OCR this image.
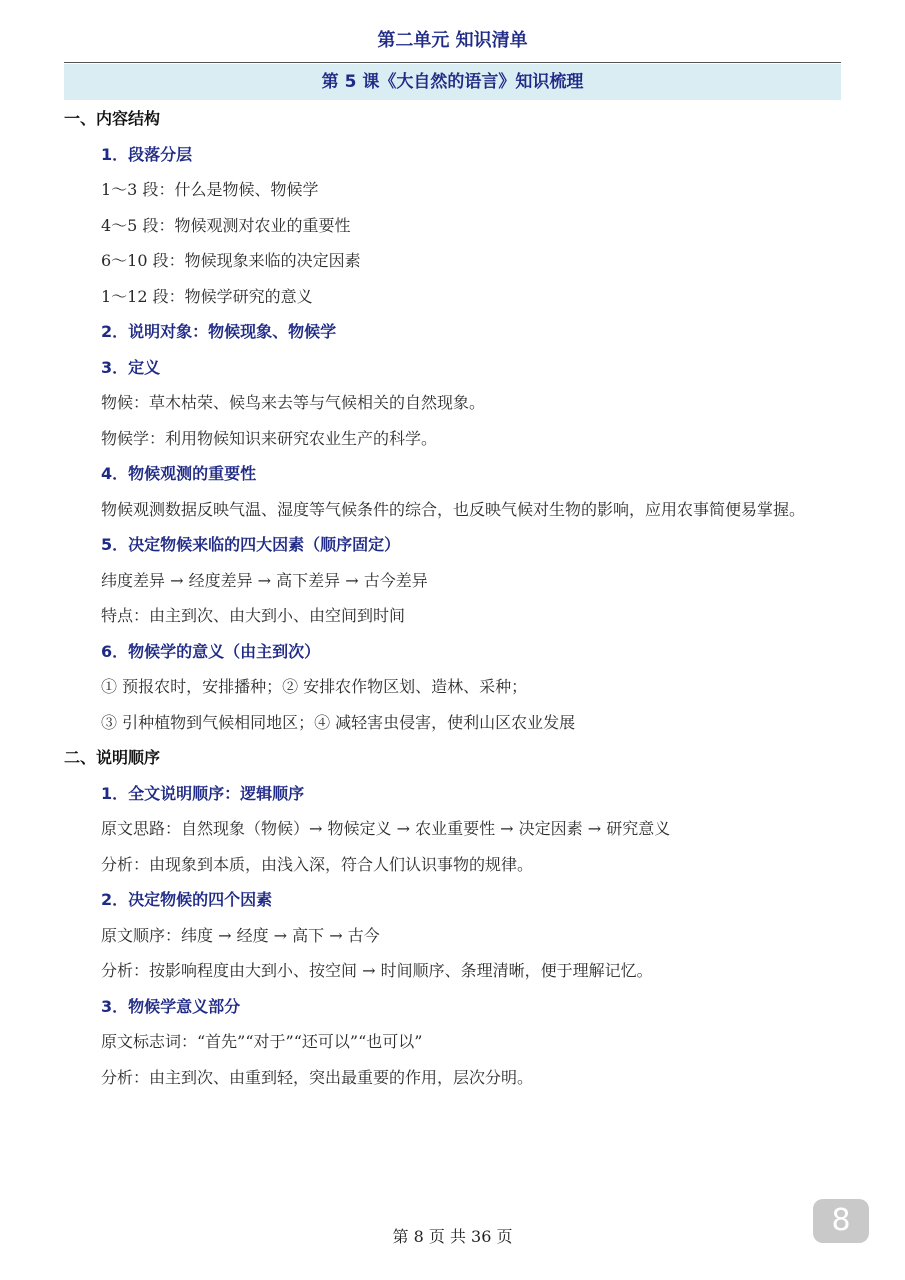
第二单元 知识清单
第 5 课《大自然的语言》知识梳理
一、内容结构
1．段落分层
1～3 段：什么是物候、物候学
4～5 段：物候观测对农业的重要性
6～10 段：物候现象来临的决定因素
1～12 段：物候学研究的意义
2．说明对象：物候现象、物候学
3．定义
物候：草木枯荣、候鸟来去等与气候相关的自然现象。
物候学：利用物候知识来研究农业生产的科学。
4．物候观测的重要性
物候观测数据反映气温、湿度等气候条件的综合，也反映气候对生物的影响，应用农事简便易掌握。
5．决定物候来临的四大因素（顺序固定）
纬度差异 → 经度差异 → 高下差异 → 古今差异
特点：由主到次、由大到小、由空间到时间
6．物候学的意义（由主到次）
① 预报农时，安排播种；② 安排农作物区划、造林、采种；
③ 引种植物到气候相同地区；④ 减轻害虫侵害，使利山区农业发展
二、说明顺序
1．全文说明顺序：逻辑顺序
原文思路：自然现象（物候）→ 物候定义 → 农业重要性 → 决定因素 → 研究意义
分析：由现象到本质，由浅入深，符合人们认识事物的规律。
2．决定物候的四个因素
原文顺序：纬度 → 经度 → 高下 → 古今
分析：按影响程度由大到小、按空间 → 时间顺序、条理清晰，便于理解记忆。
3．物候学意义部分
原文标志词：“首先”“对于”“还可以”“也可以”
分析：由主到次、由重到轻，突出最重要的作用，层次分明。
第 8 页 共 36 页	8
